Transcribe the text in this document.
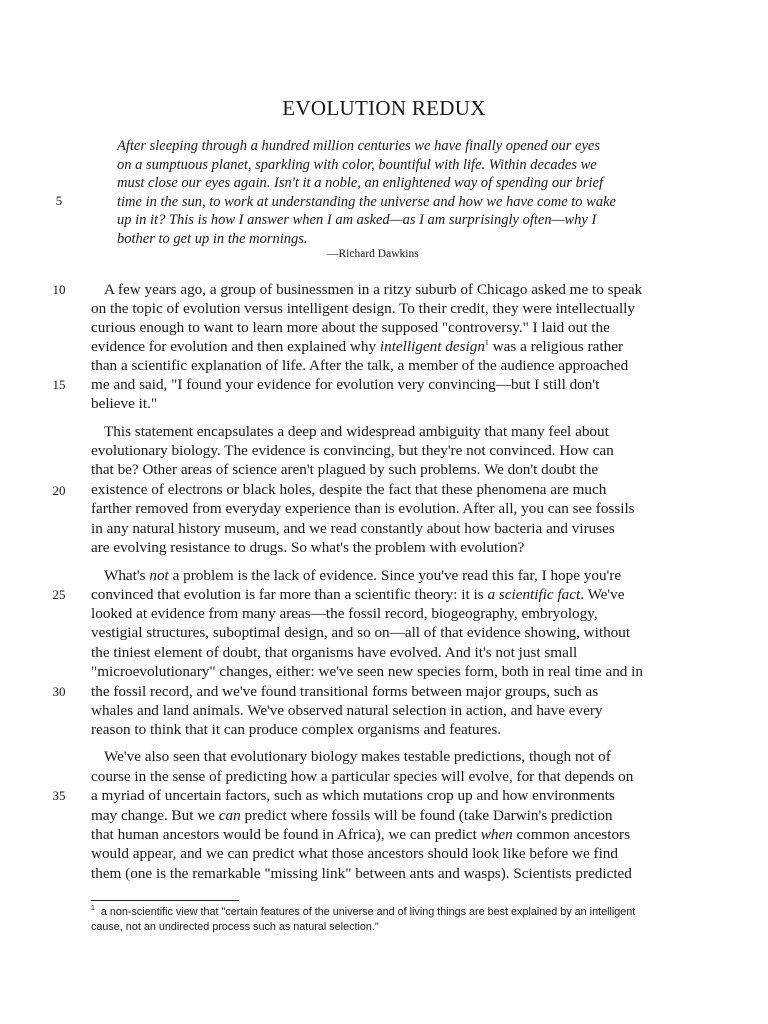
EVOLUTION REDUX
After sleeping through a hundred million centuries we have finally opened our eyes
on a sumptuous planet, sparkling with color, bountiful with life. Within decades we
must close our eyes again. Isn't it a noble, an enlightened way of spending our brief
time in the sun, to work at understanding the universe and how we have come to wake
up in it? This is how I answer when I am asked—as I am surprisingly often—why I
bother to get up in the mornings.
—Richard Dawkins
5
10
15
20
25
30
35
A few years ago, a group of businessmen in a ritzy suburb of Chicago asked me to speak
on the topic of evolution versus intelligent design. To their credit, they were intellectually
curious enough to want to learn more about the supposed "controversy." I laid out the
evidence for evolution and then explained why intelligent design$^1$ was a religious rather
than a scientific explanation of life. After the talk, a member of the audience approached
me and said, "I found your evidence for evolution very convincing—but I still don't
believe it."
This statement encapsulates a deep and widespread ambiguity that many feel about
evolutionary biology. The evidence is convincing, but they're not convinced. How can
that be? Other areas of science aren't plagued by such problems. We don't doubt the
existence of electrons or black holes, despite the fact that these phenomena are much
farther removed from everyday experience than is evolution. After all, you can see fossils
in any natural history museum, and we read constantly about how bacteria and viruses
are evolving resistance to drugs. So what's the problem with evolution?
What's not a problem is the lack of evidence. Since you've read this far, I hope you're
convinced that evolution is far more than a scientific theory: it is a scientific fact. We've
looked at evidence from many areas—the fossil record, biogeography, embryology,
vestigial structures, suboptimal design, and so on—all of that evidence showing, without
the tiniest element of doubt, that organisms have evolved. And it's not just small
"microevolutionary" changes, either: we've seen new species form, both in real time and in
the fossil record, and we've found transitional forms between major groups, such as
whales and land animals. We've observed natural selection in action, and have every
reason to think that it can produce complex organisms and features.
We've also seen that evolutionary biology makes testable predictions, though not of
course in the sense of predicting how a particular species will evolve, for that depends on
a myriad of uncertain factors, such as which mutations crop up and how environments
may change. But we can predict where fossils will be found (take Darwin's prediction
that human ancestors would be found in Africa), we can predict when common ancestors
would appear, and we can predict what those ancestors should look like before we find
them (one is the remarkable "missing link" between ants and wasps). Scientists predicted
$^1$ a non-scientific view that "certain features of the universe and of living things are best explained by an intelligent
cause, not an undirected process such as natural selection."
